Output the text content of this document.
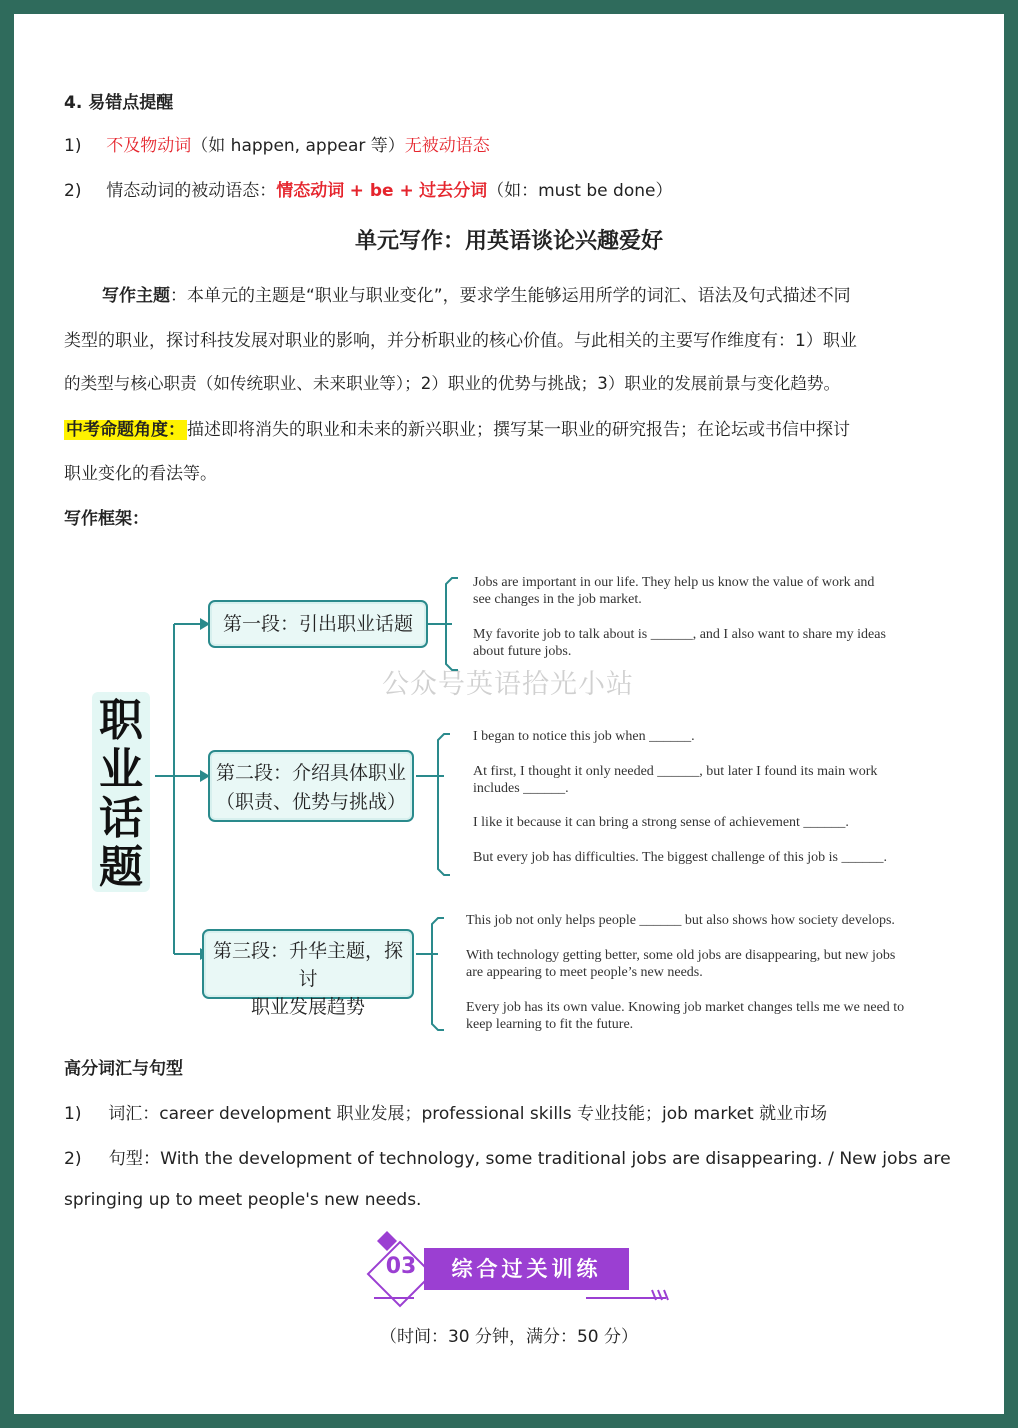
4. 易错点提醒
1) 不及物动词（如 happen, appear 等）无被动语态
2) 情态动词的被动语态：情态动词 + be + 过去分词（如：must be done）
单元写作：用英语谈论兴趣爱好
写作主题：本单元的主题是“职业与职业变化”，要求学生能够运用所学的词汇、语法及句式描述不同
类型的职业，探讨科技发展对职业的影响，并分析职业的核心价值。与此相关的主要写作维度有：1）职业
的类型与核心职责（如传统职业、未来职业等）；2）职业的优势与挑战；3）职业的发展前景与变化趋势。
中考命题角度： 描述即将消失的职业和未来的新兴职业；撰写某一职业的研究报告；在论坛或书信中探讨
职业变化的看法等。
写作框架：
职
业
话
题
第一段：引出职业话题
第二段：介绍具体职业
（职责、优势与挑战）
第三段：升华主题，探讨
职业发展趋势
Jobs are important in our life. They help us know the value of work and
see changes in the job market.
My favorite job to talk about is ______, and I also want to share my ideas
about future jobs.
公众号英语拾光小站
I began to notice this job when ______.
At first, I thought it only needed ______, but later I found its main work
includes ______.
I like it because it can bring a strong sense of achievement ______.
But every job has difficulties. The biggest challenge of this job is ______.
This job not only helps people ______ but also shows how society develops.
With technology getting better, some old jobs are disappearing, but new jobs
are appearing to meet people’s new needs.
Every job has its own value. Knowing job market changes tells me we need to
keep learning to fit the future.
高分词汇与句型
1) 词汇：career development 职业发展；professional skills 专业技能；job market 就业市场
2) 句型：With the development of technology, some traditional jobs are disappearing. / New jobs are
springing up to meet people's new needs.
03	综合过关训练
（时间：30 分钟，满分：50 分）
